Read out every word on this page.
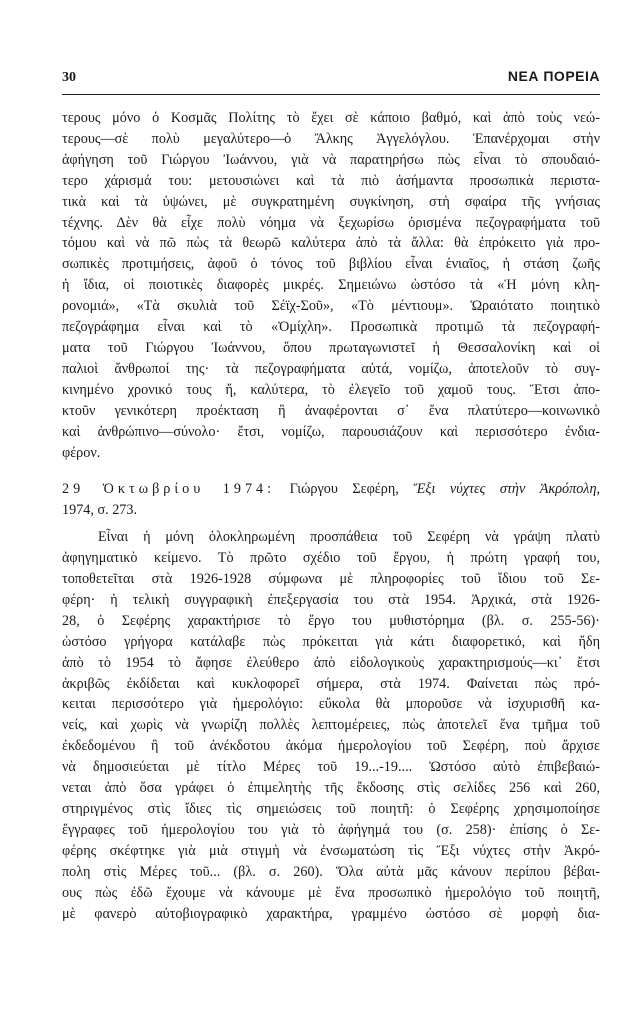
30	ΝΕΑ ΠΟΡΕΙΑ
τερους μόνο ὁ Κοσμᾶς Πολίτης τὸ ἔχει σὲ κάποιο βαθμό, καὶ ἀπὸ τοὺς νεώ-
τερους—σὲ πολὺ μεγαλύτερο—ὁ Ἄλκης Ἀγγελόγλου. Ἐπανέρχομαι στὴν
ἀφήγηση τοῦ Γιώργου Ἰωάννου, γιὰ νὰ παρατηρήσω πὼς εἶναι τὸ σπουδαιό-
τερο χάρισμά του: μετουσιώνει καὶ τὰ πιὸ ἀσήμαντα προσωπικὰ περιστα-
τικὰ καὶ τὰ ὑψώνει, μὲ συγκρατημένη συγκίνηση, στὴ σφαίρα τῆς γνήσιας
τέχνης. Δὲν θὰ εἶχε πολὺ νόημα νὰ ξεχωρίσω ὁρισμένα πεζογραφήματα τοῦ
τόμου καὶ νὰ πῶ πὼς τὰ θεωρῶ καλύτερα ἀπὸ τὰ ἄλλα: θὰ ἐπρόκειτο γιὰ προ-
σωπικὲς προτιμήσεις, ἀφοῦ ὁ τόνος τοῦ βιβλίου εἶναι ἑνιαῖος, ἡ στάση ζωῆς
ἡ ἴδια, οἱ ποιοτικὲς διαφορὲς μικρές. Σημειώνω ὡστόσο τὰ «Ἡ μόνη κλη-
ρονομιά», «Τὰ σκυλιὰ τοῦ Σέϊχ-Σοῦ», «Τὸ μέντιουμ». Ὡραιότατο ποιητικὸ
πεζογράφημα εἶναι καὶ τὸ «Ὀμίχλη». Προσωπικὰ προτιμῶ τὰ πεζογραφή-
ματα τοῦ Γιώργου Ἰωάννου, ὅπου πρωταγωνιστεῖ ἡ Θεσσαλονίκη καὶ οἱ
παλιοὶ ἄνθρωποί της· τὰ πεζογραφήματα αὐτά, νομίζω, ἀποτελοῦν τὸ συγ-
κινημένο χρονικό τους ἤ, καλύτερα, τὸ ἐλεγεῖο τοῦ χαμοῦ τους. Ἔτσι ἀπο-
κτοῦν γενικότερη προέκταση ἢ ἀναφέρονται σ᾽ ἕνα πλατύτερο—κοινωνικὸ
καὶ ἀνθρώπινο—σύνολο· ἔτσι, νομίζω, παρουσιάζουν καὶ περισσότερο ἐνδια-
φέρον.
29 Ὀκτωβρίου 1974: Γιώργου Σεφέρη, Ἔξι νύχτες στὴν Ἀκρόπολη,
1974, σ. 273.
Εἶναι ἡ μόνη ὁλοκληρωμένη προσπάθεια τοῦ Σεφέρη νὰ γράψη πλατὺ
ἀφηγηματικὸ κείμενο. Τὸ πρῶτο σχέδιο τοῦ ἔργου, ἡ πρώτη γραφή του,
τοποθετεῖται στὰ 1926-1928 σύμφωνα μὲ πληροφορίες τοῦ ἴδιου τοῦ Σε-
φέρη· ἡ τελικὴ συγγραφικὴ ἐπεξεργασία του στὰ 1954. Ἀρχικά, στὰ 1926-
28, ὁ Σεφέρης χαρακτήρισε τὸ ἔργο του μυθιστόρημα (βλ. σ. 255-56)·
ὡστόσο γρήγορα κατάλαβε πὼς πρόκειται γιὰ κάτι διαφορετικό, καὶ ἤδη
ἀπὸ τὸ 1954 τὸ ἄφησε ἐλεύθερο ἀπὸ εἰδολογικοὺς χαρακτηρισμούς—κι᾽ ἔτσι
ἀκριβῶς ἐκδίδεται καὶ κυκλοφορεῖ σήμερα, στὰ 1974. Φαίνεται πὼς πρό-
κειται περισσότερο γιὰ ἡμερολόγιο: εὔκολα θὰ μποροῦσε νὰ ἰσχυρισθῆ κα-
νείς, καὶ χωρὶς νὰ γνωρίζη πολλὲς λεπτομέρειες, πὼς ἀποτελεῖ ἕνα τμῆμα τοῦ
ἐκδεδομένου ἢ τοῦ ἀνέκδοτου ἀκόμα ἡμερολογίου τοῦ Σεφέρη, ποὺ ἄρχισε
νὰ δημοσιεύεται μὲ τίτλο Μέρες τοῦ 19...-19.... Ὡστόσο αὐτὸ ἐπιβεβαιώ-
νεται ἀπὸ ὅσα γράφει ὁ ἐπιμελητὴς τῆς ἔκδοσης στὶς σελίδες 256 καὶ 260,
στηριγμένος στὶς ἴδιες τὶς σημειώσεις τοῦ ποιητῆ: ὁ Σεφέρης χρησιμοποίησε
ἔγγραφες τοῦ ἡμερολογίου του γιὰ τὸ ἀφήγημά του (σ. 258)· ἐπίσης ὁ Σε-
φέρης σκέφτηκε γιὰ μιὰ στιγμὴ νὰ ἐνσωματώση τὶς Ἔξι νύχτες στὴν Ἀκρό-
πολη στὶς Μέρες τοῦ... (βλ. σ. 260). Ὅλα αὐτὰ μᾶς κάνουν περίπου βέβαι-
ους πὼς ἐδῶ ἔχουμε νὰ κάνουμε μὲ ἕνα προσωπικὸ ἡμερολόγιο τοῦ ποιητῆ,
μὲ φανερὸ αὐτοβιογραφικὸ χαρακτήρα, γραμμένο ὡστόσο σὲ μορφὴ δια-
